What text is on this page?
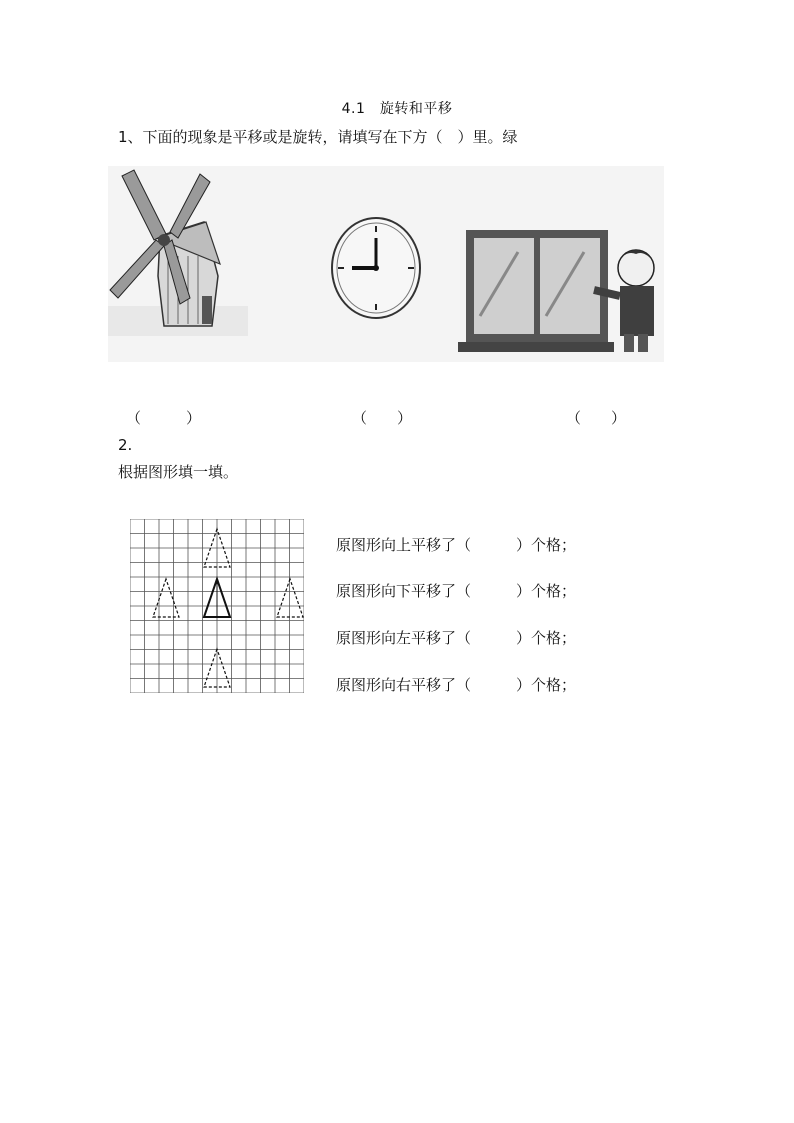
4.1　旋转和平移
1、下面的现象是平移或是旋转，请填写在下方（　）里。绿
（　　　）	（　　）	（　　）
2.
根据图形填一填。
原图形向上平移了（　　　）个格；
原图形向下平移了（　　　）个格；
原图形向左平移了（　　　）个格；
原图形向右平移了（　　　）个格；
